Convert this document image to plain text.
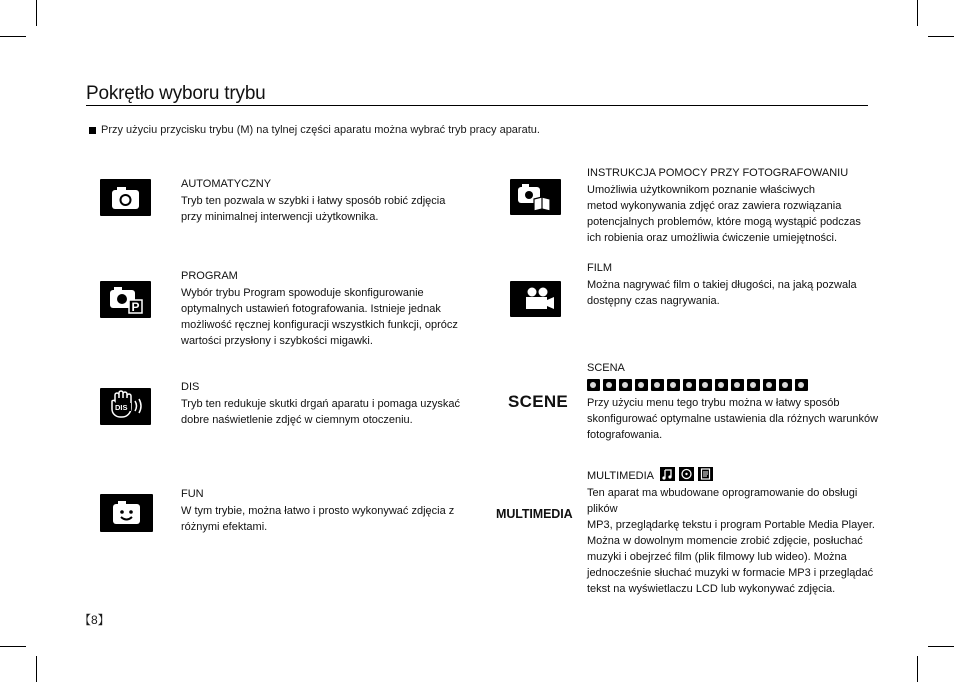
Pokrętło wyboru trybu
Przy użyciu przycisku trybu (M) na tylnej części aparatu można wybrać tryb pracy aparatu.
P
DIS
AUTOMATYCZNY
Tryb ten pozwala w szybki i łatwy sposób robić zdjęcia
przy minimalnej interwencji użytkownika.
PROGRAM
Wybór trybu Program spowoduje skonfigurowanie
optymalnych ustawień fotografowania. Istnieje jednak
możliwość ręcznej konfiguracji wszystkich funkcji, oprócz
wartości przysłony i szybkości migawki.
DIS
Tryb ten redukuje skutki drgań aparatu i pomaga uzyskać
dobre naświetlenie zdjęć w ciemnym otoczeniu.
FUN
W tym trybie, można łatwo i prosto wykonywać zdjęcia z
różnymi efektami.
SCENE
MULTIMEDIA
INSTRUKCJA POMOCY PRZY FOTOGRAFOWANIU
Umożliwia użytkownikom poznanie właściwych
metod wykonywania zdjęć oraz zawiera rozwiązania
potencjalnych problemów, które mogą wystąpić podczas
ich robienia oraz umożliwia ćwiczenie umiejętności.
FILM
Można nagrywać film o takiej długości, na jaką pozwala
dostępny czas nagrywania.
SCENA
Przy użyciu menu tego trybu można w łatwy sposób
skonfigurować optymalne ustawienia dla różnych warunków
fotografowania.
MULTIMEDIA
Ten aparat ma wbudowane oprogramowanie do obsługi plików
MP3, przeglądarkę tekstu i program Portable Media Player.
Można w dowolnym momencie zrobić zdjęcie, posłuchać
muzyki i obejrzeć film (plik filmowy lub wideo). Można
jednocześnie słuchać muzyki w formacie MP3 i przeglądać
tekst na wyświetlaczu LCD lub wykonywać zdjęcia.
【8】
